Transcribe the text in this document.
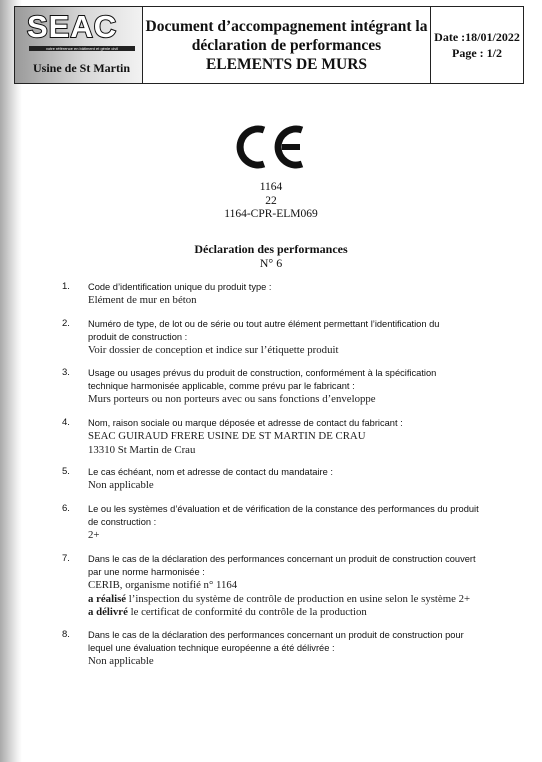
SEAC
votre référence en bâtiment et génie civil
Usine de St Martin
Document d’accompagnement intégrant la
déclaration de performances
ELEMENTS DE MURS
Date :18/01/2022
Page : 1/2
1164
22
1164-CPR-ELM069
Déclaration des performances
N° 6
1. Code d’identification unique du produit type :
Elément de mur en béton
2. Numéro de type, de lot ou de série ou tout autre élément permettant l’identification du
produit de construction :
Voir dossier de conception et indice sur l’étiquette produit
3. Usage ou usages prévus du produit de construction, conformément à la spécification
technique harmonisée applicable, comme prévu par le fabricant :
Murs porteurs ou non porteurs avec ou sans fonctions d’enveloppe
4. Nom, raison sociale ou marque déposée et adresse de contact du fabricant :
SEAC GUIRAUD FRERE USINE DE ST MARTIN DE CRAU
13310 St Martin de Crau
5. Le cas échéant, nom et adresse de contact du mandataire :
Non applicable
6. Le ou les systèmes d’évaluation et de vérification de la constance des performances du produit
de construction :
2+
7. Dans le cas de la déclaration des performances concernant un produit de construction couvert
par une norme harmonisée :
CERIB, organisme notifié n° 1164
a réalisé l’inspection du système de contrôle de production en usine selon le système 2+
a délivré le certificat de conformité du contrôle de la production
8. Dans le cas de la déclaration des performances concernant un produit de construction pour
lequel une évaluation technique européenne a été délivrée :
Non applicable
